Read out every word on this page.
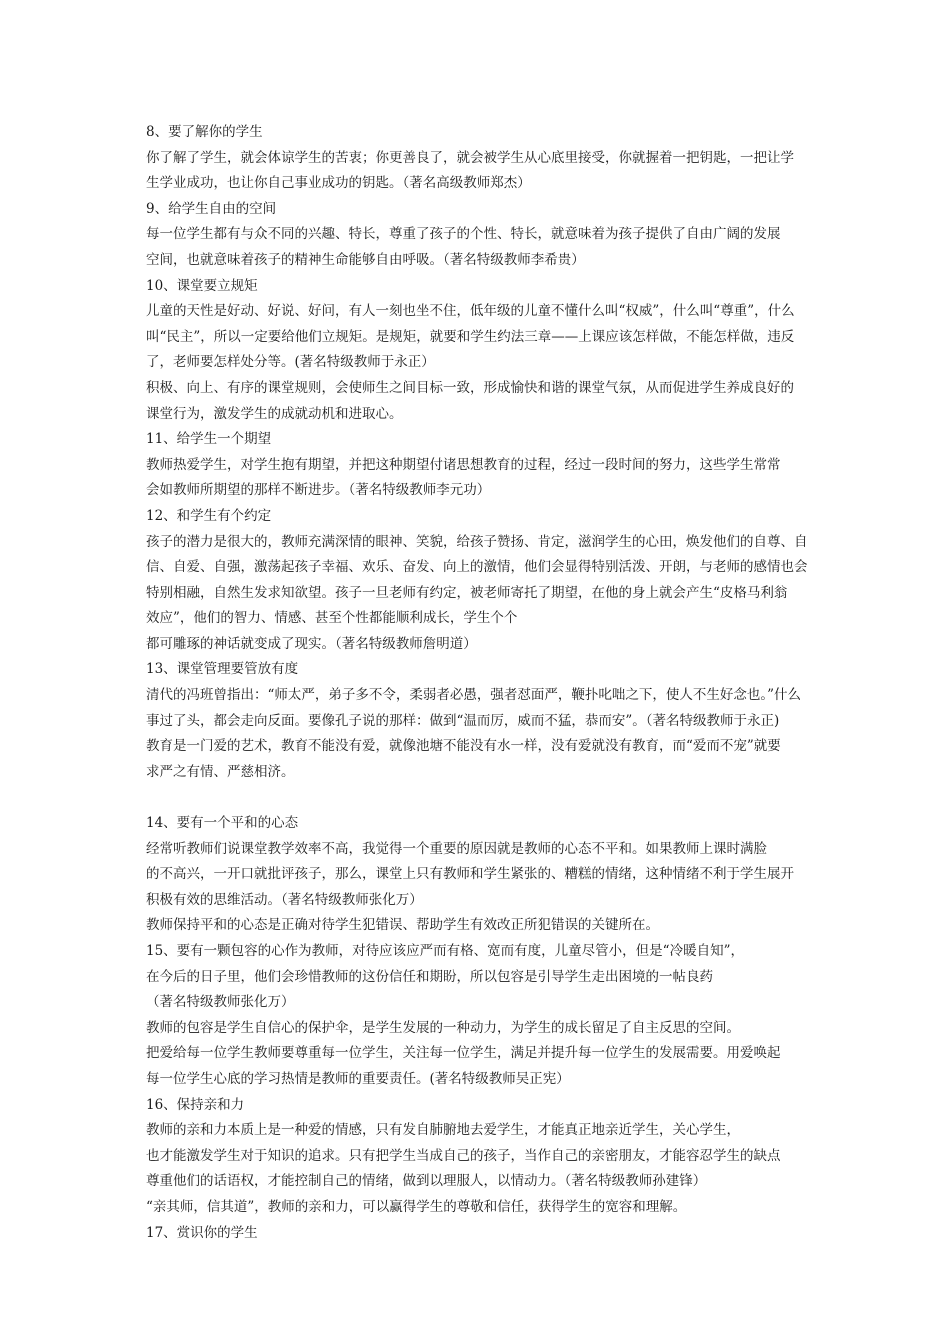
8、要了解你的学生
你了解了学生，就会体谅学生的苦衷；你更善良了，就会被学生从心底里接受，你就握着一把钥匙，一把让学
生学业成功，也让你自己事业成功的钥匙。（著名高级教师郑杰）
9、给学生自由的空间
每一位学生都有与众不同的兴趣、特长，尊重了孩子的个性、特长，就意味着为孩子提供了自由广阔的发展
空间，也就意味着孩子的精神生命能够自由呼吸。（著名特级教师李希贵）
10、课堂要立规矩
儿童的天性是好动、好说、好问，有人一刻也坐不住，低年级的儿童不懂什么叫“权威”，什么叫“尊重”，什么
叫“民主”，所以一定要给他们立规矩。是规矩，就要和学生约法三章——上课应该怎样做，不能怎样做，违反
了，老师要怎样处分等。(著名特级教师于永正）
积极、向上、有序的课堂规则，会使师生之间目标一致，形成愉快和谐的课堂气氛，从而促进学生养成良好的
课堂行为，激发学生的成就动机和进取心。
11、给学生一个期望
教师热爱学生，对学生抱有期望，并把这种期望付诸思想教育的过程，经过一段时间的努力，这些学生常常
会如教师所期望的那样不断进步。（著名特级教师李元功）
12、和学生有个约定
孩子的潜力是很大的，教师充满深情的眼神、笑貌，给孩子赞扬、肯定，滋润学生的心田，焕发他们的自尊、自
信、自爱、自强，激荡起孩子幸福、欢乐、奋发、向上的激情，他们会显得特别活泼、开朗，与老师的感情也会
特别相融，自然生发求知欲望。孩子一旦老师有约定，被老师寄托了期望，在他的身上就会产生“皮格马利翁
效应”，他们的智力、情感、甚至个性都能顺利成长，学生个个
都可雕琢的神话就变成了现实。（著名特级教师詹明道）
13、课堂管理要管放有度
清代的冯班曾指出：“师太严，弟子多不令，柔弱者必愚，强者怼面严，鞭扑叱咄之下，使人不生好念也。”什么
事过了头，都会走向反面。要像孔子说的那样：做到“温而厉，威而不猛，恭而安”。（著名特级教师于永正)
教育是一门爱的艺术，教育不能没有爱，就像池塘不能没有水一样，没有爱就没有教育，而“爱而不宠”就要
求严之有情、严慈相济。
14、要有一个平和的心态
经常听教师们说课堂教学效率不高，我觉得一个重要的原因就是教师的心态不平和。如果教师上课时满脸
的不高兴，一开口就批评孩子，那么，课堂上只有教师和学生紧张的、糟糕的情绪，这种情绪不利于学生展开
积极有效的思维活动。（著名特级教师张化万）
教师保持平和的心态是正确对待学生犯错误、帮助学生有效改正所犯错误的关键所在。
15、要有一颗包容的心作为教师，对待应该应严而有格、宽而有度，儿童尽管小，但是“冷暖自知”，
在今后的日子里，他们会珍惜教师的这份信任和期盼，所以包容是引导学生走出困境的一帖良药
（著名特级教师张化万）
教师的包容是学生自信心的保护伞，是学生发展的一种动力，为学生的成长留足了自主反思的空间。
把爱给每一位学生教师要尊重每一位学生，关注每一位学生，满足并提升每一位学生的发展需要。用爱唤起
每一位学生心底的学习热情是教师的重要责任。(著名特级教师吴正宪）
16、保持亲和力
教师的亲和力本质上是一种爱的情感，只有发自肺腑地去爱学生，才能真正地亲近学生，关心学生，
也才能激发学生对于知识的追求。只有把学生当成自己的孩子，当作自己的亲密朋友，才能容忍学生的缺点
尊重他们的话语权，才能控制自己的情绪，做到以理服人，以情动力。（著名特级教师孙建锋）
“亲其师，信其道”，教师的亲和力，可以赢得学生的尊敬和信任，获得学生的宽容和理解。
17、赏识你的学生
